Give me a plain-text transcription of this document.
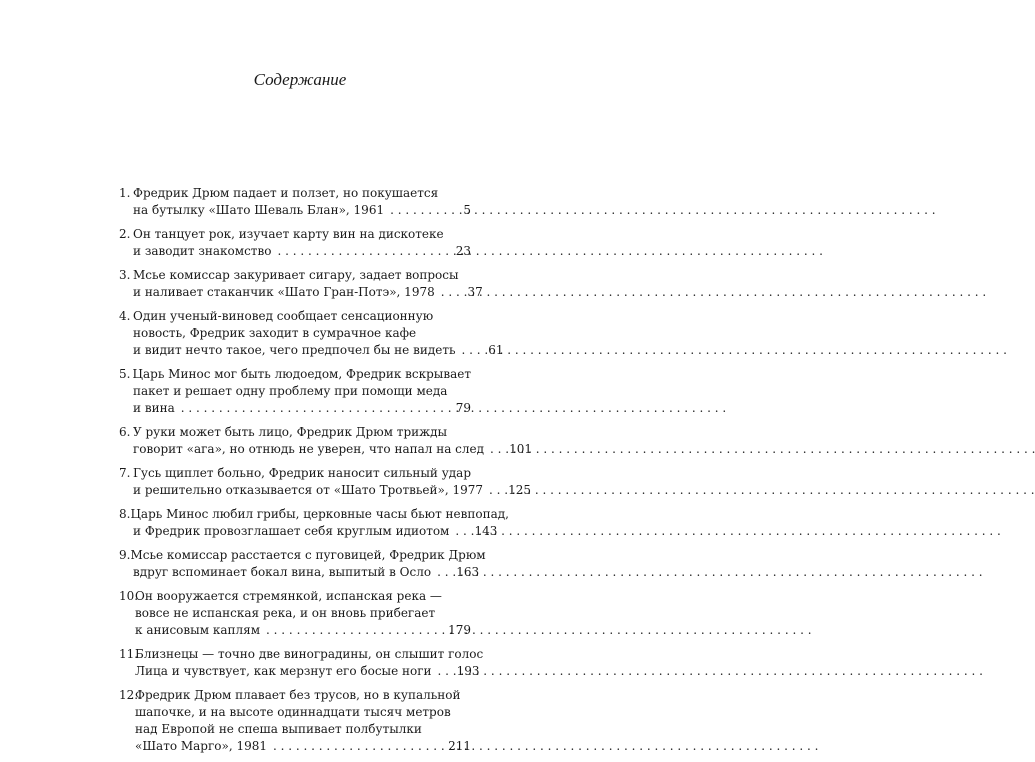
Содержание
1. Фредрик Дрюм падает и ползет, но покушается
на бутылку «Шато Шеваль Блан», 1961 . . .	5
2. Он танцует рок, изучает карту вин на дискотеке
и заводит знакомство . . .	23
3. Мсье комиссар закуривает сигару, задает вопросы
и наливает стаканчик «Шато Гран-Потэ», 1978 . . .	37
4. Один ученый-виновед сообщает сенсационную
новость, Фредрик заходит в сумрачное кафе
и видит нечто такое, чего предпочел бы не видеть . . .	61
5. Царь Минос мог быть людоедом, Фредрик вскрывает
пакет и решает одну проблему при помощи меда
и вина . . .	79
6. У руки может быть лицо, Фредрик Дрюм трижды
говорит «ага», но отнюдь не уверен, что напал на след . . . 101
7. Гусь щиплет больно, Фредрик наносит сильный удар
и решительно отказывается от «Шато Тротвьей», 1977 . . . 125
8. Царь Минос любил грибы, церковные часы бьют невпопад,
и Фредрик провозглашает себя круглым идиотом . . . 143
9. Мсье комиссар расстается с пуговицей, Фредрик Дрюм
вдруг вспоминает бокал вина, выпитый в Осло . . . 163
10.
Он вооружается стремянкой, испанская река —
вовсе не испанская река, и он вновь прибегает
к анисовым каплям . . .	179
11.
Близнецы — точно две виноградины, он слышит голос
Лица и чувствует, как мерзнут его босые ноги . . . 193
12.
Фредрик Дрюм плавает без трусов, но в купальной
шапочке, и на высоте одиннадцати тысяч метров
над Европой не спеша выпивает полбутылки
«Шато Марго», 1981 . . .	211
